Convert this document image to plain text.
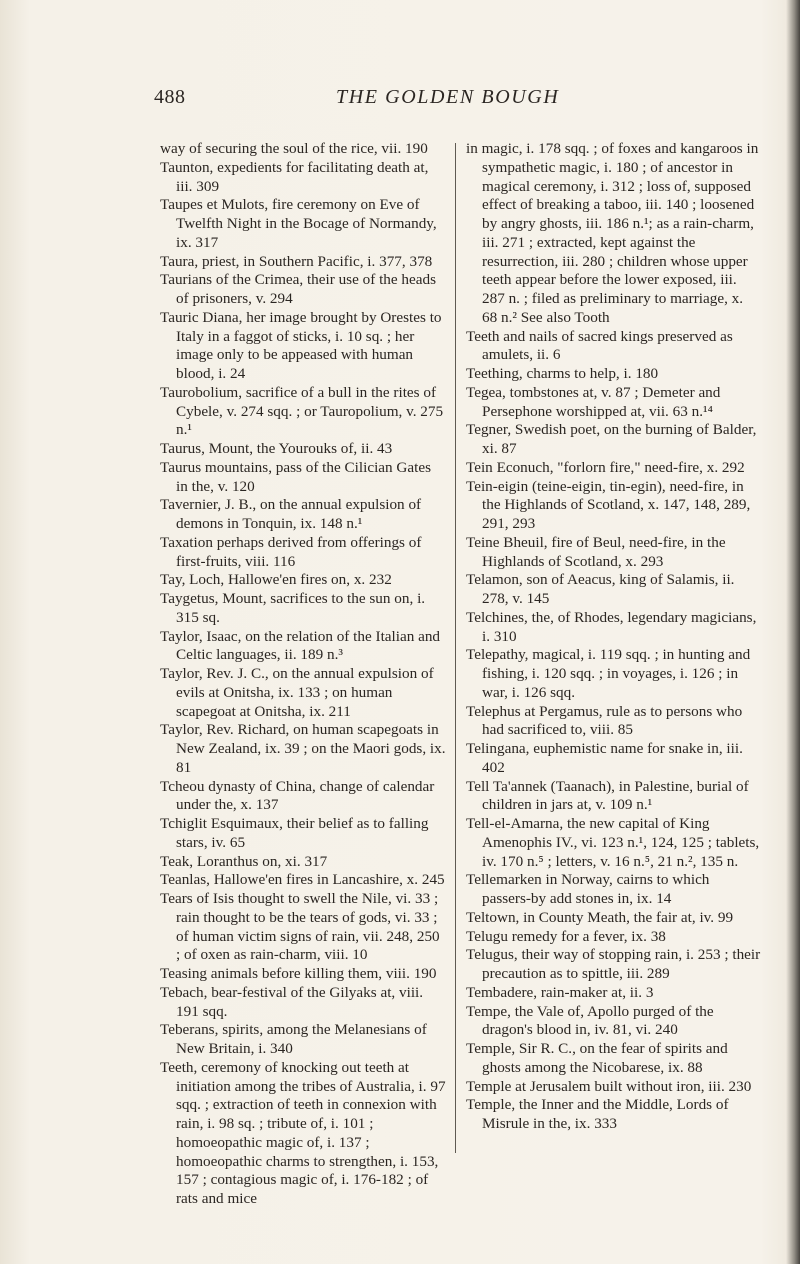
488	THE GOLDEN BOUGH

way of securing the soul of the rice, vii. 190

Taunton, expedients for facilitating death at, iii. 309

Taupes et Mulots, fire ceremony on Eve of Twelfth Night in the Bocage of Normandy, ix. 317

Taura, priest, in Southern Pacific, i. 377, 378

Taurians of the Crimea, their use of the heads of prisoners, v. 294

Tauric Diana, her image brought by Orestes to Italy in a faggot of sticks, i. 10 sq. ; her image only to be appeased with human blood, i. 24

Taurobolium, sacrifice of a bull in the rites of Cybele, v. 274 sqq. ; or Tauropolium, v. 275 n.¹

Taurus, Mount, the Yourouks of, ii. 43

Taurus mountains, pass of the Cilician Gates in the, v. 120

Tavernier, J. B., on the annual expulsion of demons in Tonquin, ix. 148 n.¹

Taxation perhaps derived from offerings of first-fruits, viii. 116

Tay, Loch, Hallowe'en fires on, x. 232

Taygetus, Mount, sacrifices to the sun on, i. 315 sq.

Taylor, Isaac, on the relation of the Italian and Celtic languages, ii. 189 n.³

Taylor, Rev. J. C., on the annual expulsion of evils at Onitsha, ix. 133 ; on human scapegoat at Onitsha, ix. 211

Taylor, Rev. Richard, on human scapegoats in New Zealand, ix. 39 ; on the Maori gods, ix. 81

Tcheou dynasty of China, change of calendar under the, x. 137

Tchiglit Esquimaux, their belief as to falling stars, iv. 65

Teak, Loranthus on, xi. 317

Teanlas, Hallowe'en fires in Lancashire, x. 245

Tears of Isis thought to swell the Nile, vi. 33 ; rain thought to be the tears of gods, vi. 33 ; of human victim signs of rain, vii. 248, 250 ; of oxen as rain-charm, viii. 10

Teasing animals before killing them, viii. 190

Tebach, bear-festival of the Gilyaks at, viii. 191 sqq.

Teberans, spirits, among the Melanesians of New Britain, i. 340

Teeth, ceremony of knocking out teeth at initiation among the tribes of Australia, i. 97 sqq. ; extraction of teeth in connexion with rain, i. 98 sq. ; tribute of, i. 101 ; homoeopathic magic of, i. 137 ; homoeopathic charms to strengthen, i. 153, 157 ; contagious magic of, i. 176-182 ; of rats and mice

in magic, i. 178 sqq. ; of foxes and kangaroos in sympathetic magic, i. 180 ; of ancestor in magical ceremony, i. 312 ; loss of, supposed effect of breaking a taboo, iii. 140 ; loosened by angry ghosts, iii. 186 n.¹; as a rain-charm, iii. 271 ; extracted, kept against the resurrection, iii. 280 ; children whose upper teeth appear before the lower exposed, iii. 287 n. ; filed as preliminary to marriage, x. 68 n.² See also Tooth

Teeth and nails of sacred kings preserved as amulets, ii. 6

Teething, charms to help, i. 180

Tegea, tombstones at, v. 87 ; Demeter and Persephone worshipped at, vii. 63 n.¹⁴

Tegner, Swedish poet, on the burning of Balder, xi. 87

Tein Econuch, "forlorn fire," need-fire, x. 292

Tein-eigin (teine-eigin, tin-egin), need-fire, in the Highlands of Scotland, x. 147, 148, 289, 291, 293

Teine Bheuil, fire of Beul, need-fire, in the Highlands of Scotland, x. 293

Telamon, son of Aeacus, king of Salamis, ii. 278, v. 145

Telchines, the, of Rhodes, legendary magicians, i. 310

Telepathy, magical, i. 119 sqq. ; in hunting and fishing, i. 120 sqq. ; in voyages, i. 126 ; in war, i. 126 sqq.

Telephus at Pergamus, rule as to persons who had sacrificed to, viii. 85

Telingana, euphemistic name for snake in, iii. 402

Tell Ta'annek (Taanach), in Palestine, burial of children in jars at, v. 109 n.¹

Tell-el-Amarna, the new capital of King Amenophis IV., vi. 123 n.¹, 124, 125 ; tablets, iv. 170 n.⁵ ; letters, v. 16 n.⁵, 21 n.², 135 n.

Tellemarken in Norway, cairns to which passers-by add stones in, ix. 14

Teltown, in County Meath, the fair at, iv. 99

Telugu remedy for a fever, ix. 38

Telugus, their way of stopping rain, i. 253 ; their precaution as to spittle, iii. 289

Tembadere, rain-maker at, ii. 3

Tempe, the Vale of, Apollo purged of the dragon's blood in, iv. 81, vi. 240

Temple, Sir R. C., on the fear of spirits and ghosts among the Nicobarese, ix. 88

Temple at Jerusalem built without iron, iii. 230

Temple, the Inner and the Middle, Lords of Misrule in the, ix. 333
